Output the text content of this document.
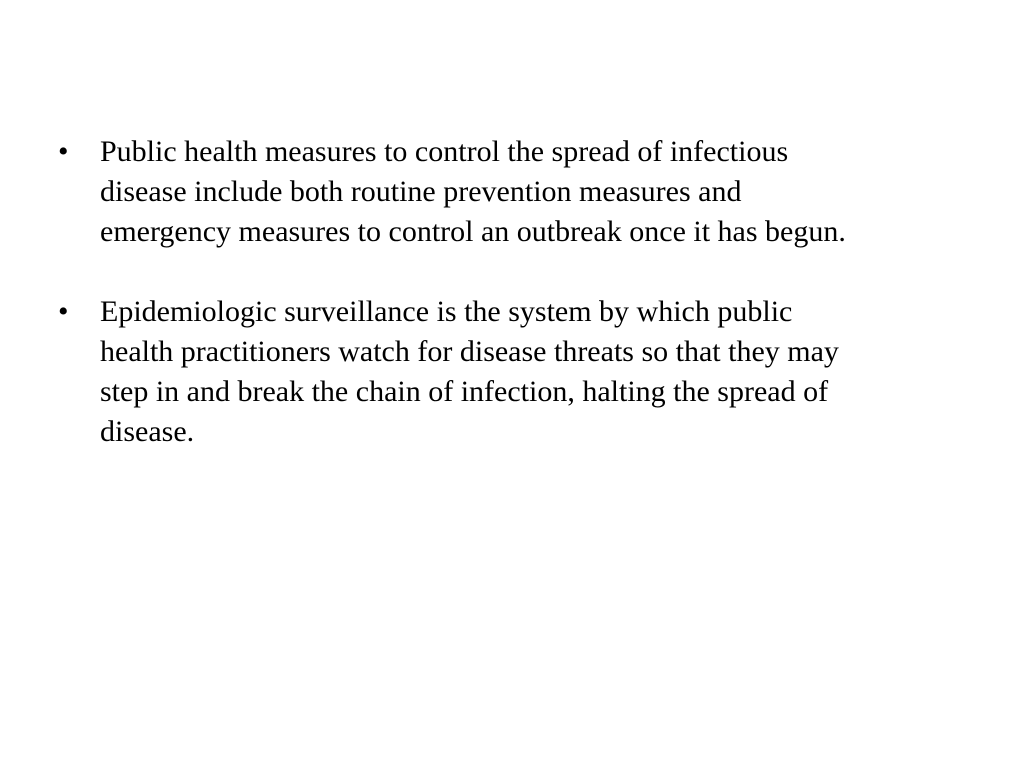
•	Public health measures to control the spread of infectious
disease include both routine prevention measures and
emergency measures to control an outbreak once it has begun.
•	Epidemiologic surveillance is the system by which public
health practitioners watch for disease threats so that they may
step in and break the chain of infection, halting the spread of
disease.
